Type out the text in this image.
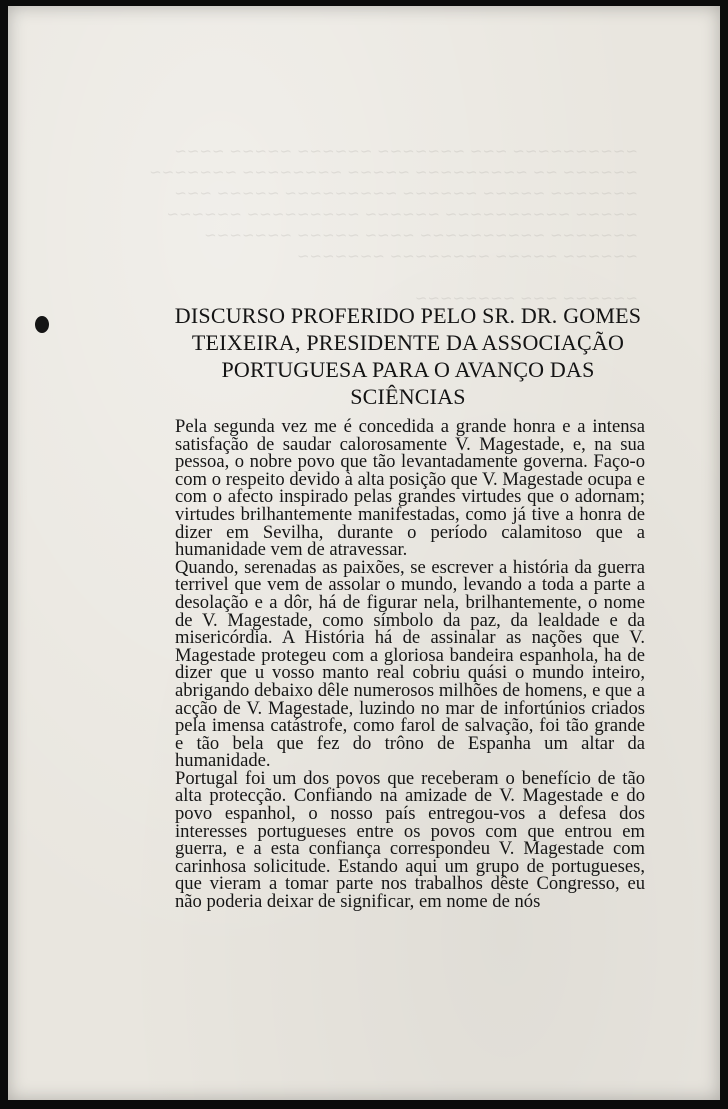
~~~~~~~~~~ ~~~ ~~~~~~~ ~~~~~~ ~~~~~ ~~~~
~~~~~~ ~~ ~~~~~~~~~ ~~~~~ ~~~~~~~~ ~~~~~~~
~~~~~~~ ~~~~~ ~~~~~~ ~~~~~~~~~ ~~~~~ ~~~
~~~~~ ~~~~~~~~~~ ~~~~~~ ~~~~~~~~~ ~~~~~~
~~~~~~~ ~~~~~~~~~~ ~~~~ ~~~~~ ~~~~~~~
~~~~~~ ~~~~~ ~~~~~~~~ ~~~~~~~

~~~~~~ ~~~ ~~~~~~~~
DISCURSO PROFERIDO PELO SR. DR. GOMES
TEIXEIRA, PRESIDENTE DA ASSOCIAÇÃO
PORTUGUESA PARA O AVANÇO DAS SCIÊNCIAS

Pela segunda vez me é concedida a grande honra e a intensa satisfação de saudar calorosamente V. Magestade, e, na sua pessoa, o nobre povo que tão levantadamente governa. Faço-o com o respeito devido à alta posição que V. Magestade ocupa e com o afecto inspirado pelas grandes virtudes que o adornam; virtudes brilhantemente manifestadas, como já tive a honra de dizer em Sevilha, durante o período calamitoso que a humanidade vem de atravessar.

Quando, serenadas as paixões, se escrever a história da guerra terrivel que vem de assolar o mundo, levando a toda a parte a desolação e a dôr, há de figurar nela, brilhantemente, o nome de V. Magestade, como símbolo da paz, da lealdade e da misericórdia. A História há de assinalar as nações que V. Magestade protegeu com a gloriosa bandeira espanhola, ha de dizer que u vosso manto real cobriu quási o mundo inteiro, abrigando debaixo dêle numerosos milhões de homens, e que a acção de V. Magestade, luzindo no mar de infortúnios criados pela imensa catástrofe, como farol de salvação, foi tão grande e tão bela que fez do trôno de Espanha um altar da humanidade.

Portugal foi um dos povos que receberam o benefício de tão alta protecção. Confiando na amizade de V. Magestade e do povo espanhol, o nosso país entregou-vos a defesa dos interesses portugueses entre os povos com que entrou em guerra, e a esta confiança correspondeu V. Magestade com carinhosa solicitude. Estando aqui um grupo de portugueses, que vieram a tomar parte nos trabalhos dêste Congresso, eu não poderia deixar de significar, em nome de nós
